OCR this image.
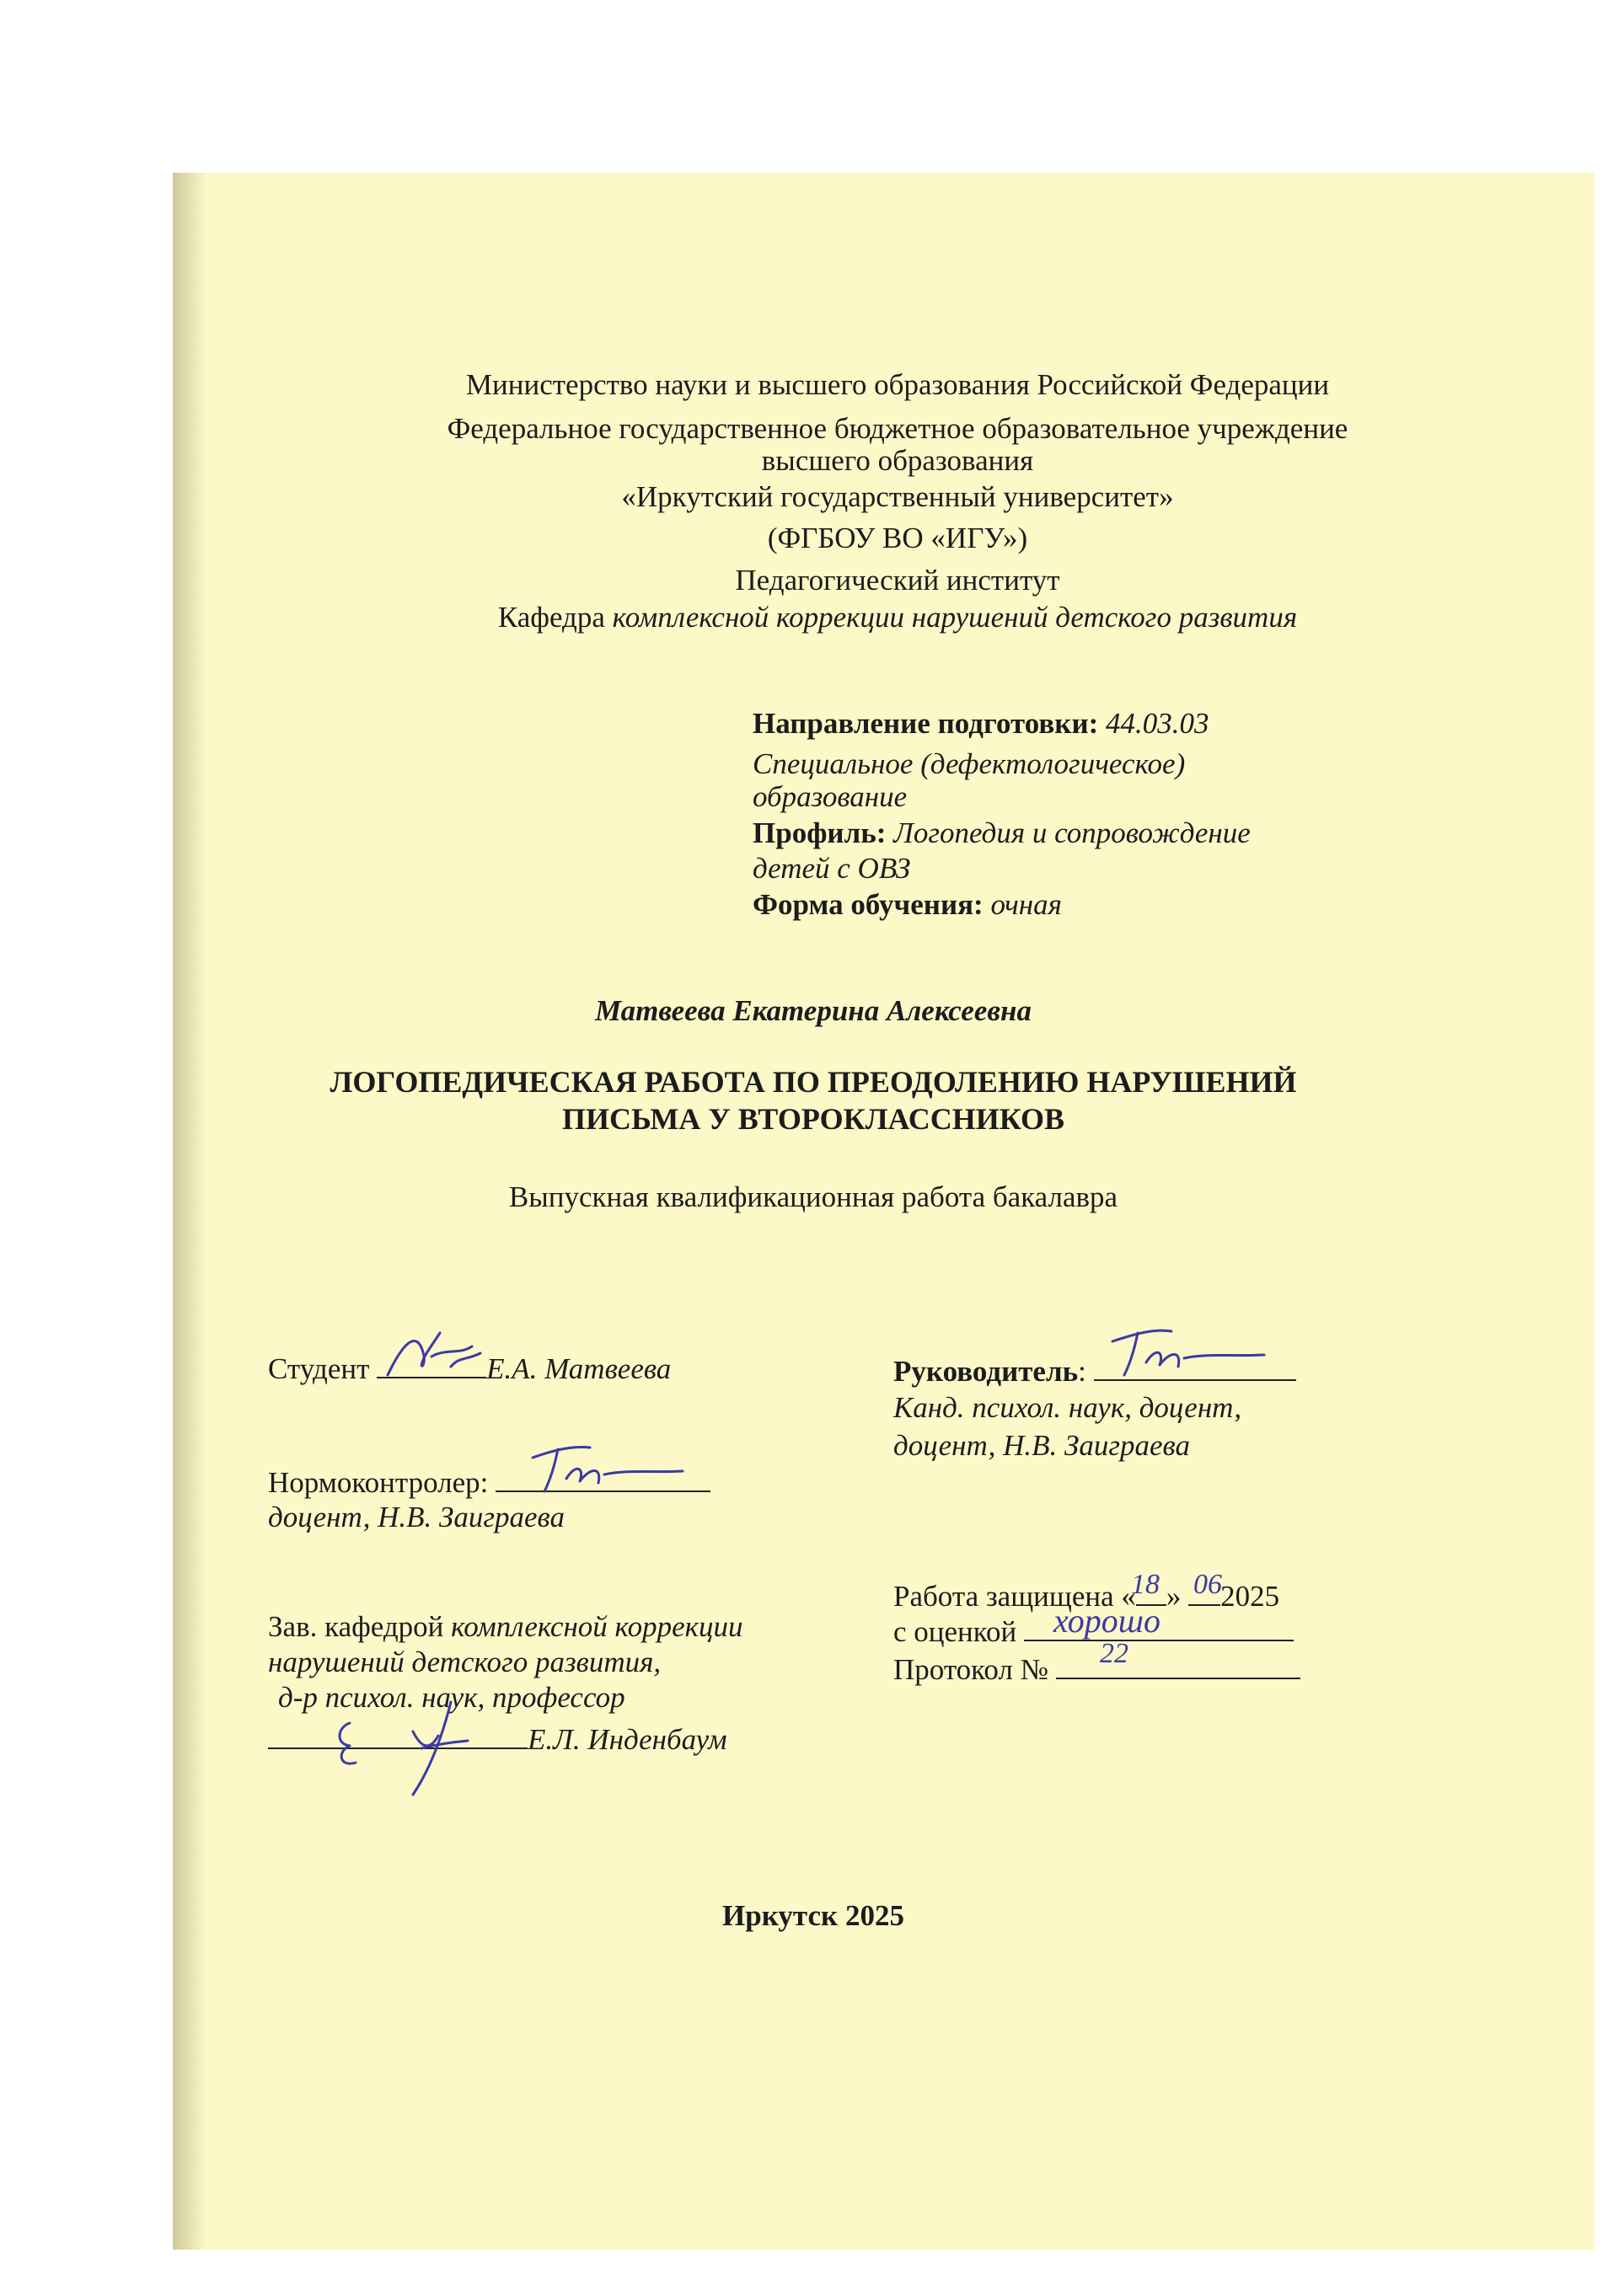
Министерство науки и высшего образования Российской Федерации
Федеральное государственное бюджетное образовательное учреждение
высшего образования
«Иркутский государственный университет»
(ФГБОУ ВО «ИГУ»)
Педагогический институт
Кафедра комплексной коррекции нарушений детского развития
Направление подготовки: 44.03.03
Специальное (дефектологическое)
образование
Профиль: Логопедия и сопровождение
детей с ОВЗ
Форма обучения: очная
Матвеева Екатерина Алексеевна
ЛОГОПЕДИЧЕСКАЯ РАБОТА ПО ПРЕОДОЛЕНИЮ НАРУШЕНИЙ
ПИСЬМА У ВТОРОКЛАССНИКОВ
Выпускная квалификационная работа бакалавра
Студент	Е.А. Матвеева	Руководитель:
Канд. психол. наук, доцент,
доцент, Н.В. Заиграева
Нормоконтролер:
доцент, Н.В. Заиграева
Работа защищена « » 2025
18 06
с оценкой хорошо
Протокол №	22
Зав. кафедрой комплексной коррекции
нарушений детского развития,
д-р психол. наук, профессор
Е.Л. Инденбаум
Иркутск 2025
